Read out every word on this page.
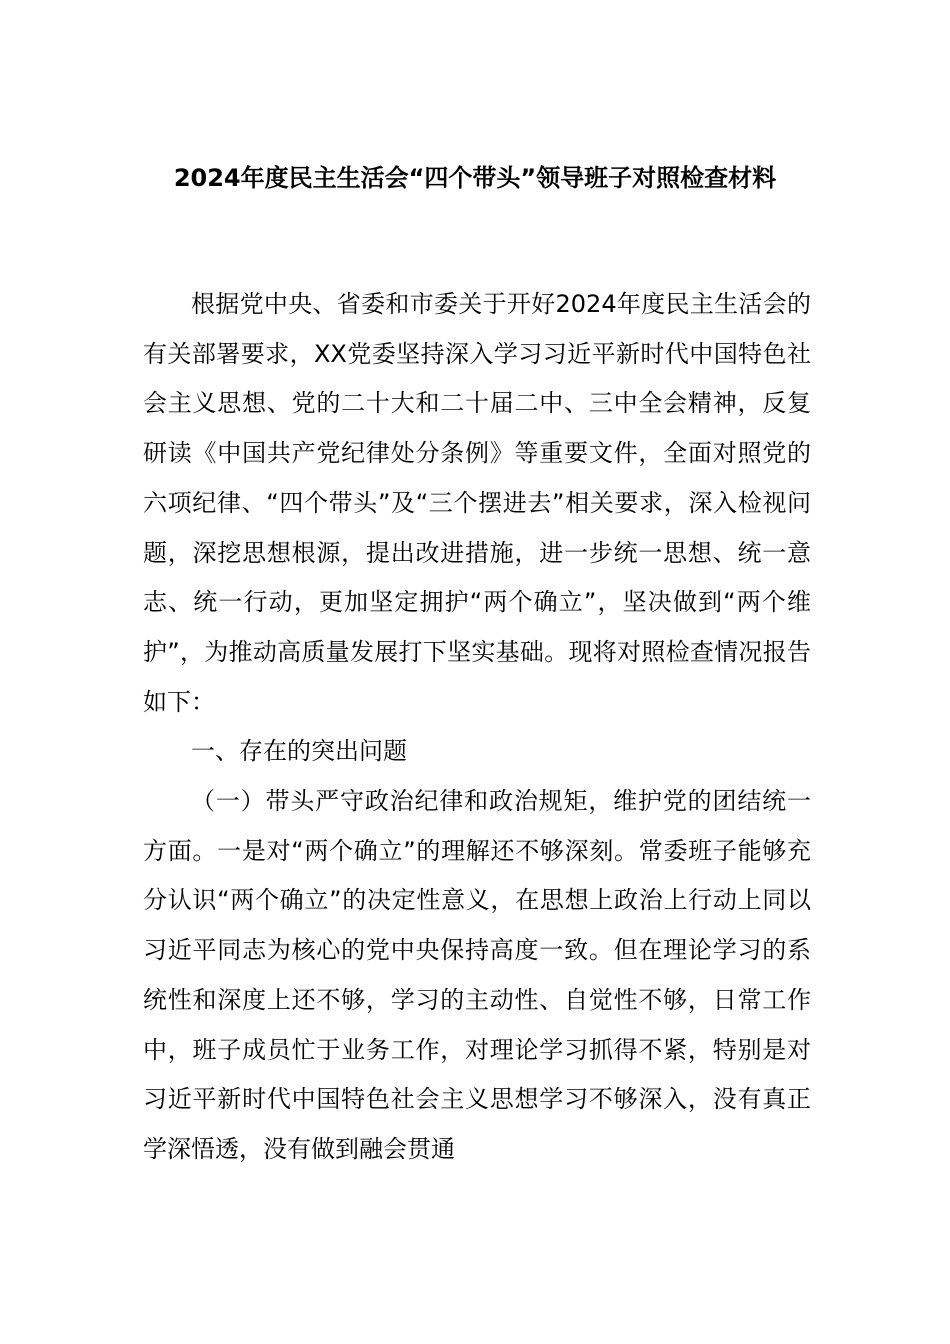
2024年度民主生活会“四个带头”领导班子对照检查材料

根据党中央、省委和市委关于开好2024年度民主生活会的有关部署要求，XX党委坚持深入学习习近平新时代中国特色社会主义思想、党的二十大和二十届二中、三中全会精神，反复研读《中国共产党纪律处分条例》等重要文件，全面对照党的六项纪律、“四个带头”及“三个摆进去”相关要求，深入检视问题，深挖思想根源，提出改进措施，进一步统一思想、统一意志、统一行动，更加坚定拥护“两个确立”，坚决做到“两个维护”，为推动高质量发展打下坚实基础。现将对照检查情况报告如下：

一、存在的突出问题

（一）带头严守政治纪律和政治规矩，维护党的团结统一方面。一是对“两个确立”的理解还不够深刻。常委班子能够充分认识“两个确立”的决定性意义，在思想上政治上行动上同以习近平同志为核心的党中央保持高度一致。但在理论学习的系统性和深度上还不够，学习的主动性、自觉性不够，日常工作中，班子成员忙于业务工作，对理论学习抓得不紧，特别是对习近平新时代中国特色社会主义思想学习不够深入，没有真正学深悟透，没有做到融会贯通
